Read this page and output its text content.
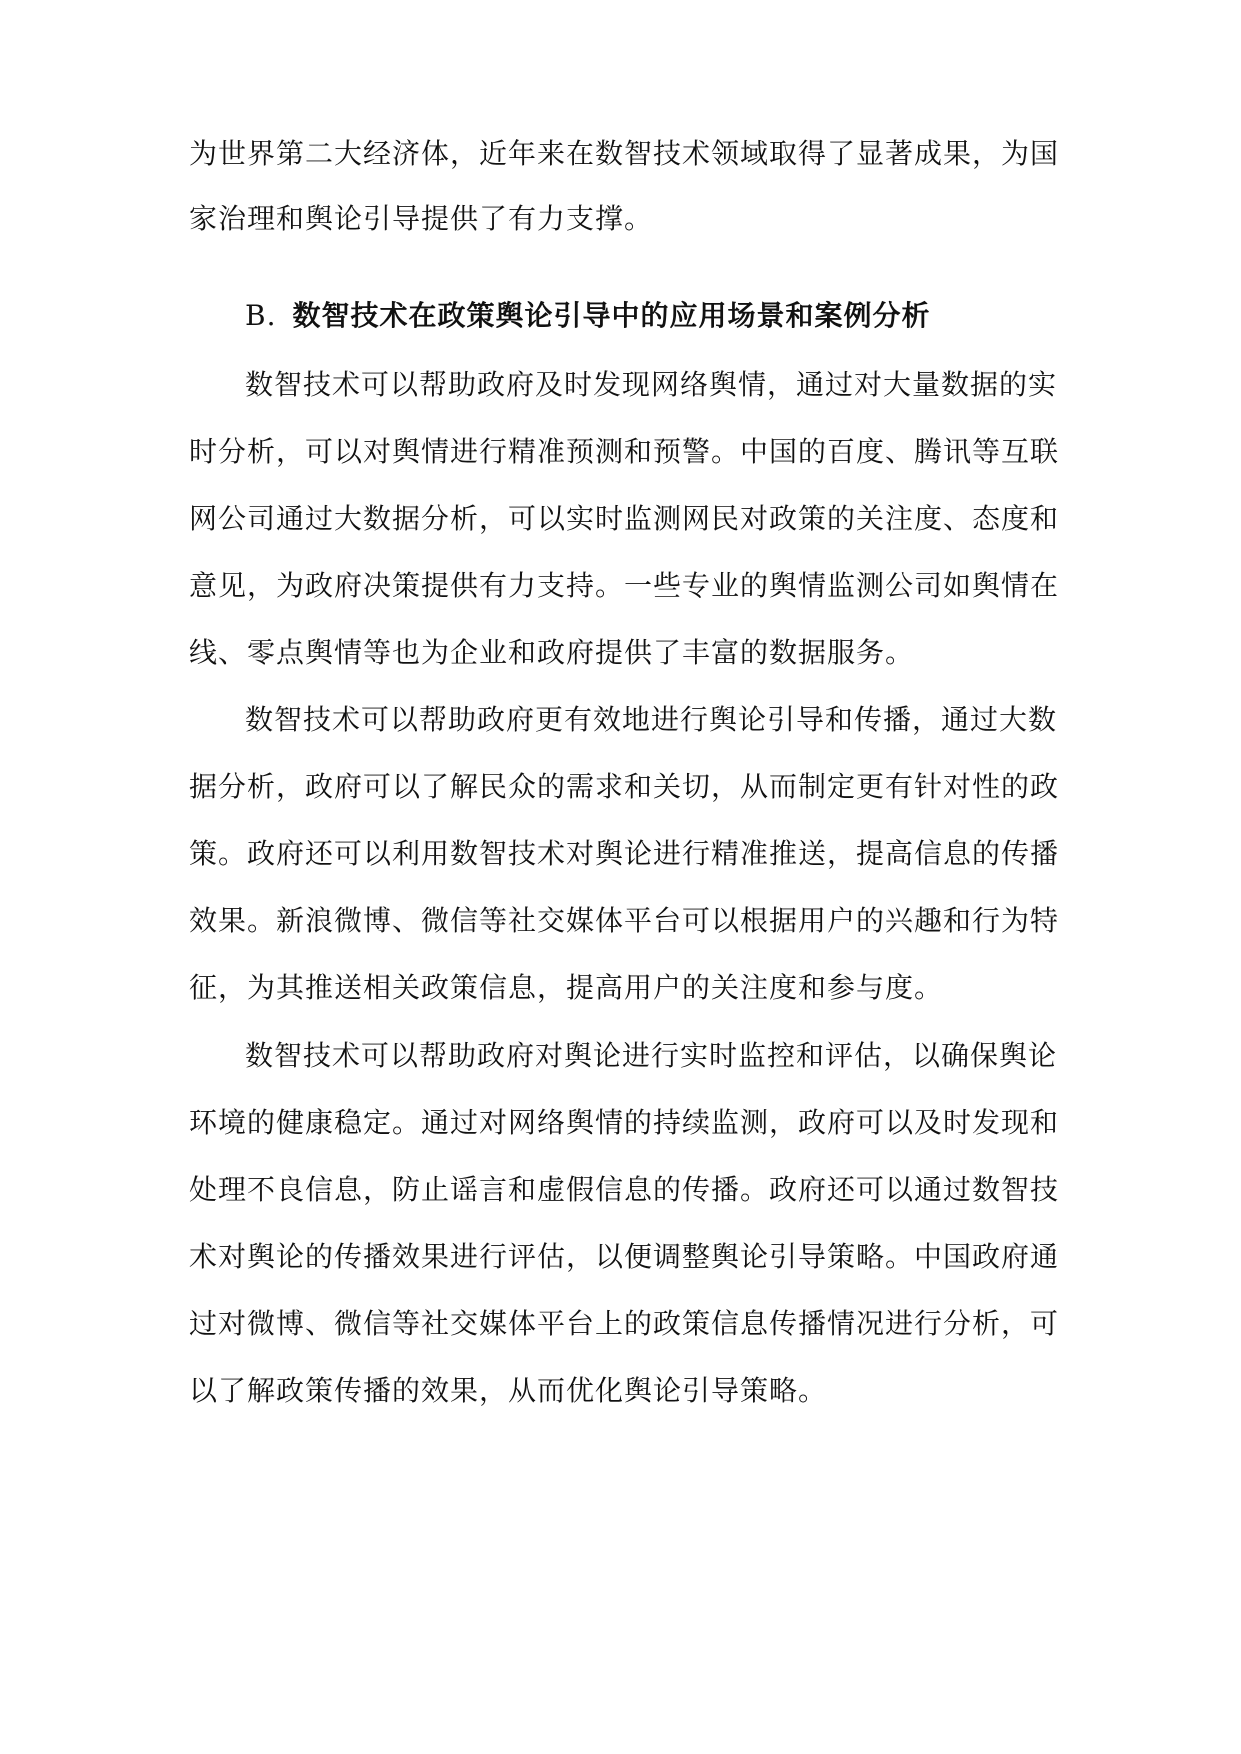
为世界第二大经济体，近年来在数智技术领域取得了显著成果，为国
家治理和舆论引导提供了有力支撑。
B. 数智技术在政策舆论引导中的应用场景和案例分析
数智技术可以帮助政府及时发现网络舆情，通过对大量数据的实
时分析，可以对舆情进行精准预测和预警。中国的百度、腾讯等互联
网公司通过大数据分析，可以实时监测网民对政策的关注度、态度和
意见，为政府决策提供有力支持。一些专业的舆情监测公司如舆情在
线、零点舆情等也为企业和政府提供了丰富的数据服务。
数智技术可以帮助政府更有效地进行舆论引导和传播，通过大数
据分析，政府可以了解民众的需求和关切，从而制定更有针对性的政
策。政府还可以利用数智技术对舆论进行精准推送，提高信息的传播
效果。新浪微博、微信等社交媒体平台可以根据用户的兴趣和行为特
征，为其推送相关政策信息，提高用户的关注度和参与度。
数智技术可以帮助政府对舆论进行实时监控和评估，以确保舆论
环境的健康稳定。通过对网络舆情的持续监测，政府可以及时发现和
处理不良信息，防止谣言和虚假信息的传播。政府还可以通过数智技
术对舆论的传播效果进行评估，以便调整舆论引导策略。中国政府通
过对微博、微信等社交媒体平台上的政策信息传播情况进行分析，可
以了解政策传播的效果，从而优化舆论引导策略。
